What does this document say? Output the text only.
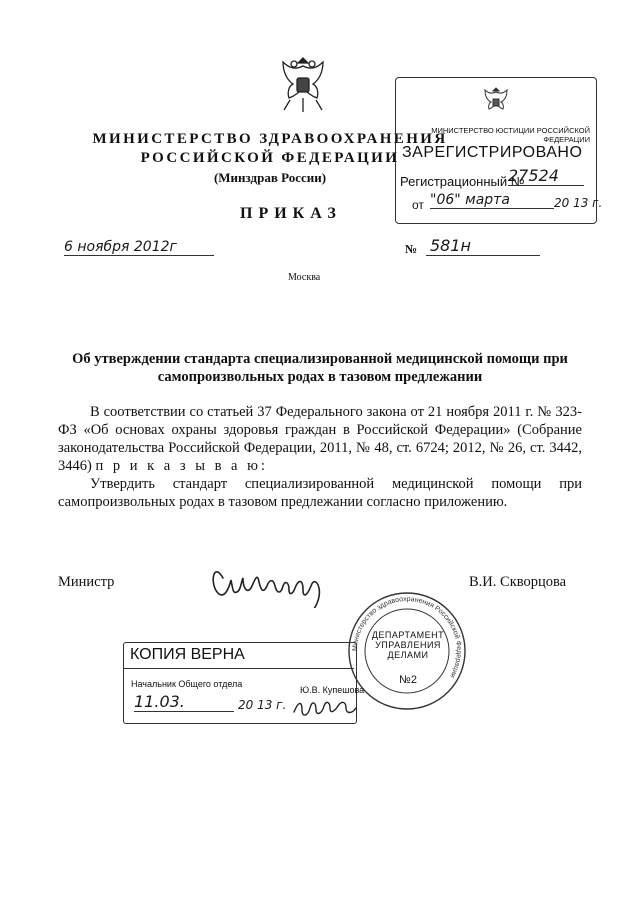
МИНИСТЕРСТВО ЗДРАВООХРАНЕНИЯ
РОССИЙСКОЙ ФЕДЕРАЦИИ
(Минздрав России)
ПРИКАЗ
6 ноября 2012г	№ 581н
Москва
МИНИСТЕРСТВО ЮСТИЦИИ РОССИЙСКОЙ ФЕДЕРАЦИИ
ЗАРЕГИСТРИРОВАНО
Регистрационный №
27524
от "06" марта	20 13 г.
Об утверждении стандарта специализированной медицинской помощи при
самопроизвольных родах в тазовом предлежании

В соответствии со статьей 37 Федерального закона от 21 ноября 2011 г. № 323-ФЗ «Об основах охраны здоровья граждан в Российской Федерации» (Собрание законодательства Российской Федерации, 2011, № 48, ст. 6724; 2012, № 26, ст. 3442, 3446) п р и к а з ы в а ю:

Утвердить стандарт специализированной медицинской помощи при самопроизвольных родах в тазовом предлежании согласно приложению.

Министр	В.И. Скворцова
Министерство здравоохранения Российской Федерации
ДЕПАРТАМЕНТ
УПРАВЛЕНИЯ
ДЕЛАМИ
№2
КОПИЯ ВЕРНА
Начальник Общего отдела
Ю.В. Купешова
11.03.	20 13 г.
